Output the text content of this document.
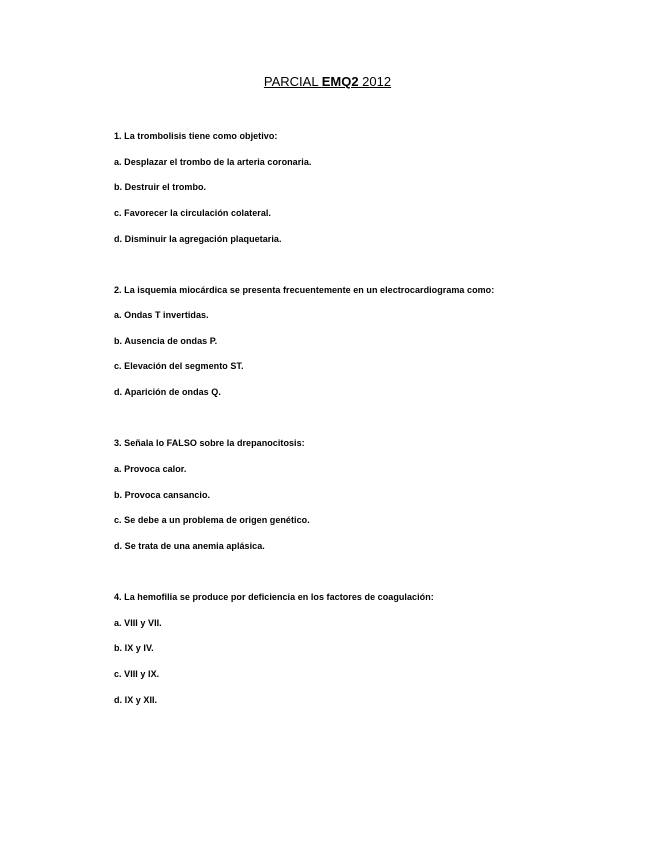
PARCIAL EMQ2 2012
1. La trombolisis tiene como objetivo:
a. Desplazar el trombo de la arteria coronaria.
b. Destruir el trombo.
c. Favorecer la circulación colateral.
d. Disminuir la agregación plaquetaria.
2. La isquemia miocárdica se presenta frecuentemente en un electrocardiograma como:
a. Ondas T invertidas.
b. Ausencia de ondas P.
c. Elevación del segmento ST.
d. Aparición de ondas Q.
3. Señala lo FALSO sobre la drepanocitosis:
a. Provoca calor.
b. Provoca cansancio.
c. Se debe a un problema de origen genético.
d. Se trata de una anemia aplásica.
4. La hemofilia se produce por deficiencia en los factores de coagulación:
a. VIII y VII.
b. IX y IV.
c. VIII y IX.
d. IX y XII.
